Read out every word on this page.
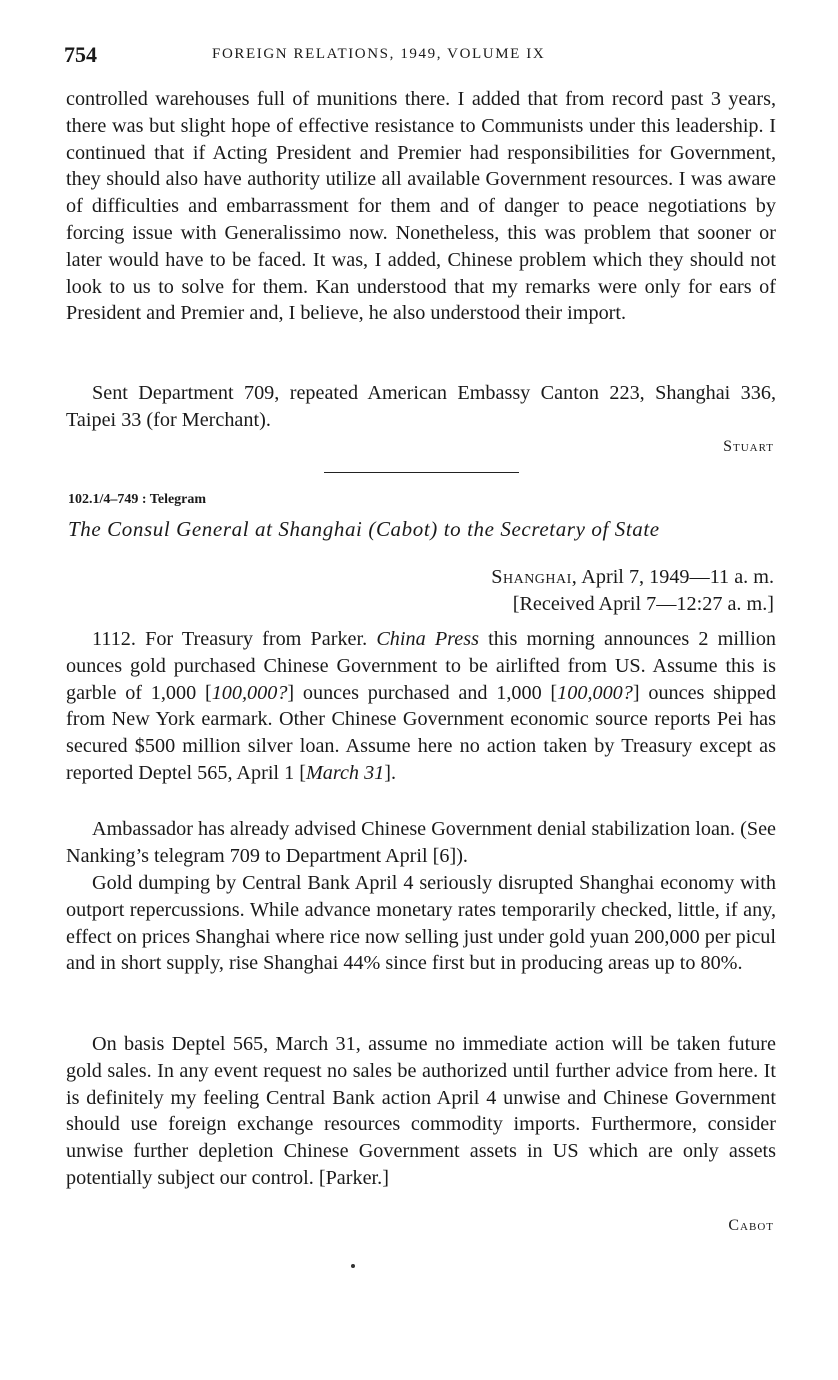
754	FOREIGN RELATIONS, 1949, VOLUME IX

controlled warehouses full of munitions there. I added that from record past 3 years, there was but slight hope of effective resistance to Communists under this leadership. I continued that if Acting President and Premier had responsibilities for Government, they should also have authority utilize all available Government resources. I was aware of difficulties and embarrassment for them and of danger to peace negotiations by forcing issue with Generalissimo now. Nonetheless, this was problem that sooner or later would have to be faced. It was, I added, Chinese problem which they should not look to us to solve for them. Kan understood that my remarks were only for ears of President and Premier and, I believe, he also understood their import.

Sent Department 709, repeated American Embassy Canton 223, Shanghai 336, Taipei 33 (for Merchant).

Stuart
102.1/4–749 : Telegram

The Consul General at Shanghai (Cabot) to the Secretary of State

Shanghai, April 7, 1949—11 a. m.
[Received April 7—12:27 a. m.]

1112. For Treasury from Parker. China Press this morning announces 2 million ounces gold purchased Chinese Government to be airlifted from US. Assume this is garble of 1,000 [100,000?] ounces purchased and 1,000 [100,000?] ounces shipped from New York earmark. Other Chinese Government economic source reports Pei has secured $500 million silver loan. Assume here no action taken by Treasury except as reported Deptel 565, April 1 [March 31].

Ambassador has already advised Chinese Government denial stabilization loan. (See Nanking’s telegram 709 to Department April [6]).

Gold dumping by Central Bank April 4 seriously disrupted Shanghai economy with outport repercussions. While advance monetary rates temporarily checked, little, if any, effect on prices Shanghai where rice now selling just under gold yuan 200,000 per picul and in short supply, rise Shanghai 44% since first but in producing areas up to 80%.

On basis Deptel 565, March 31, assume no immediate action will be taken future gold sales. In any event request no sales be authorized until further advice from here. It is definitely my feeling Central Bank action April 4 unwise and Chinese Government should use foreign exchange resources commodity imports. Furthermore, consider unwise further depletion Chinese Government assets in US which are only assets potentially subject our control. [Parker.]

Cabot
